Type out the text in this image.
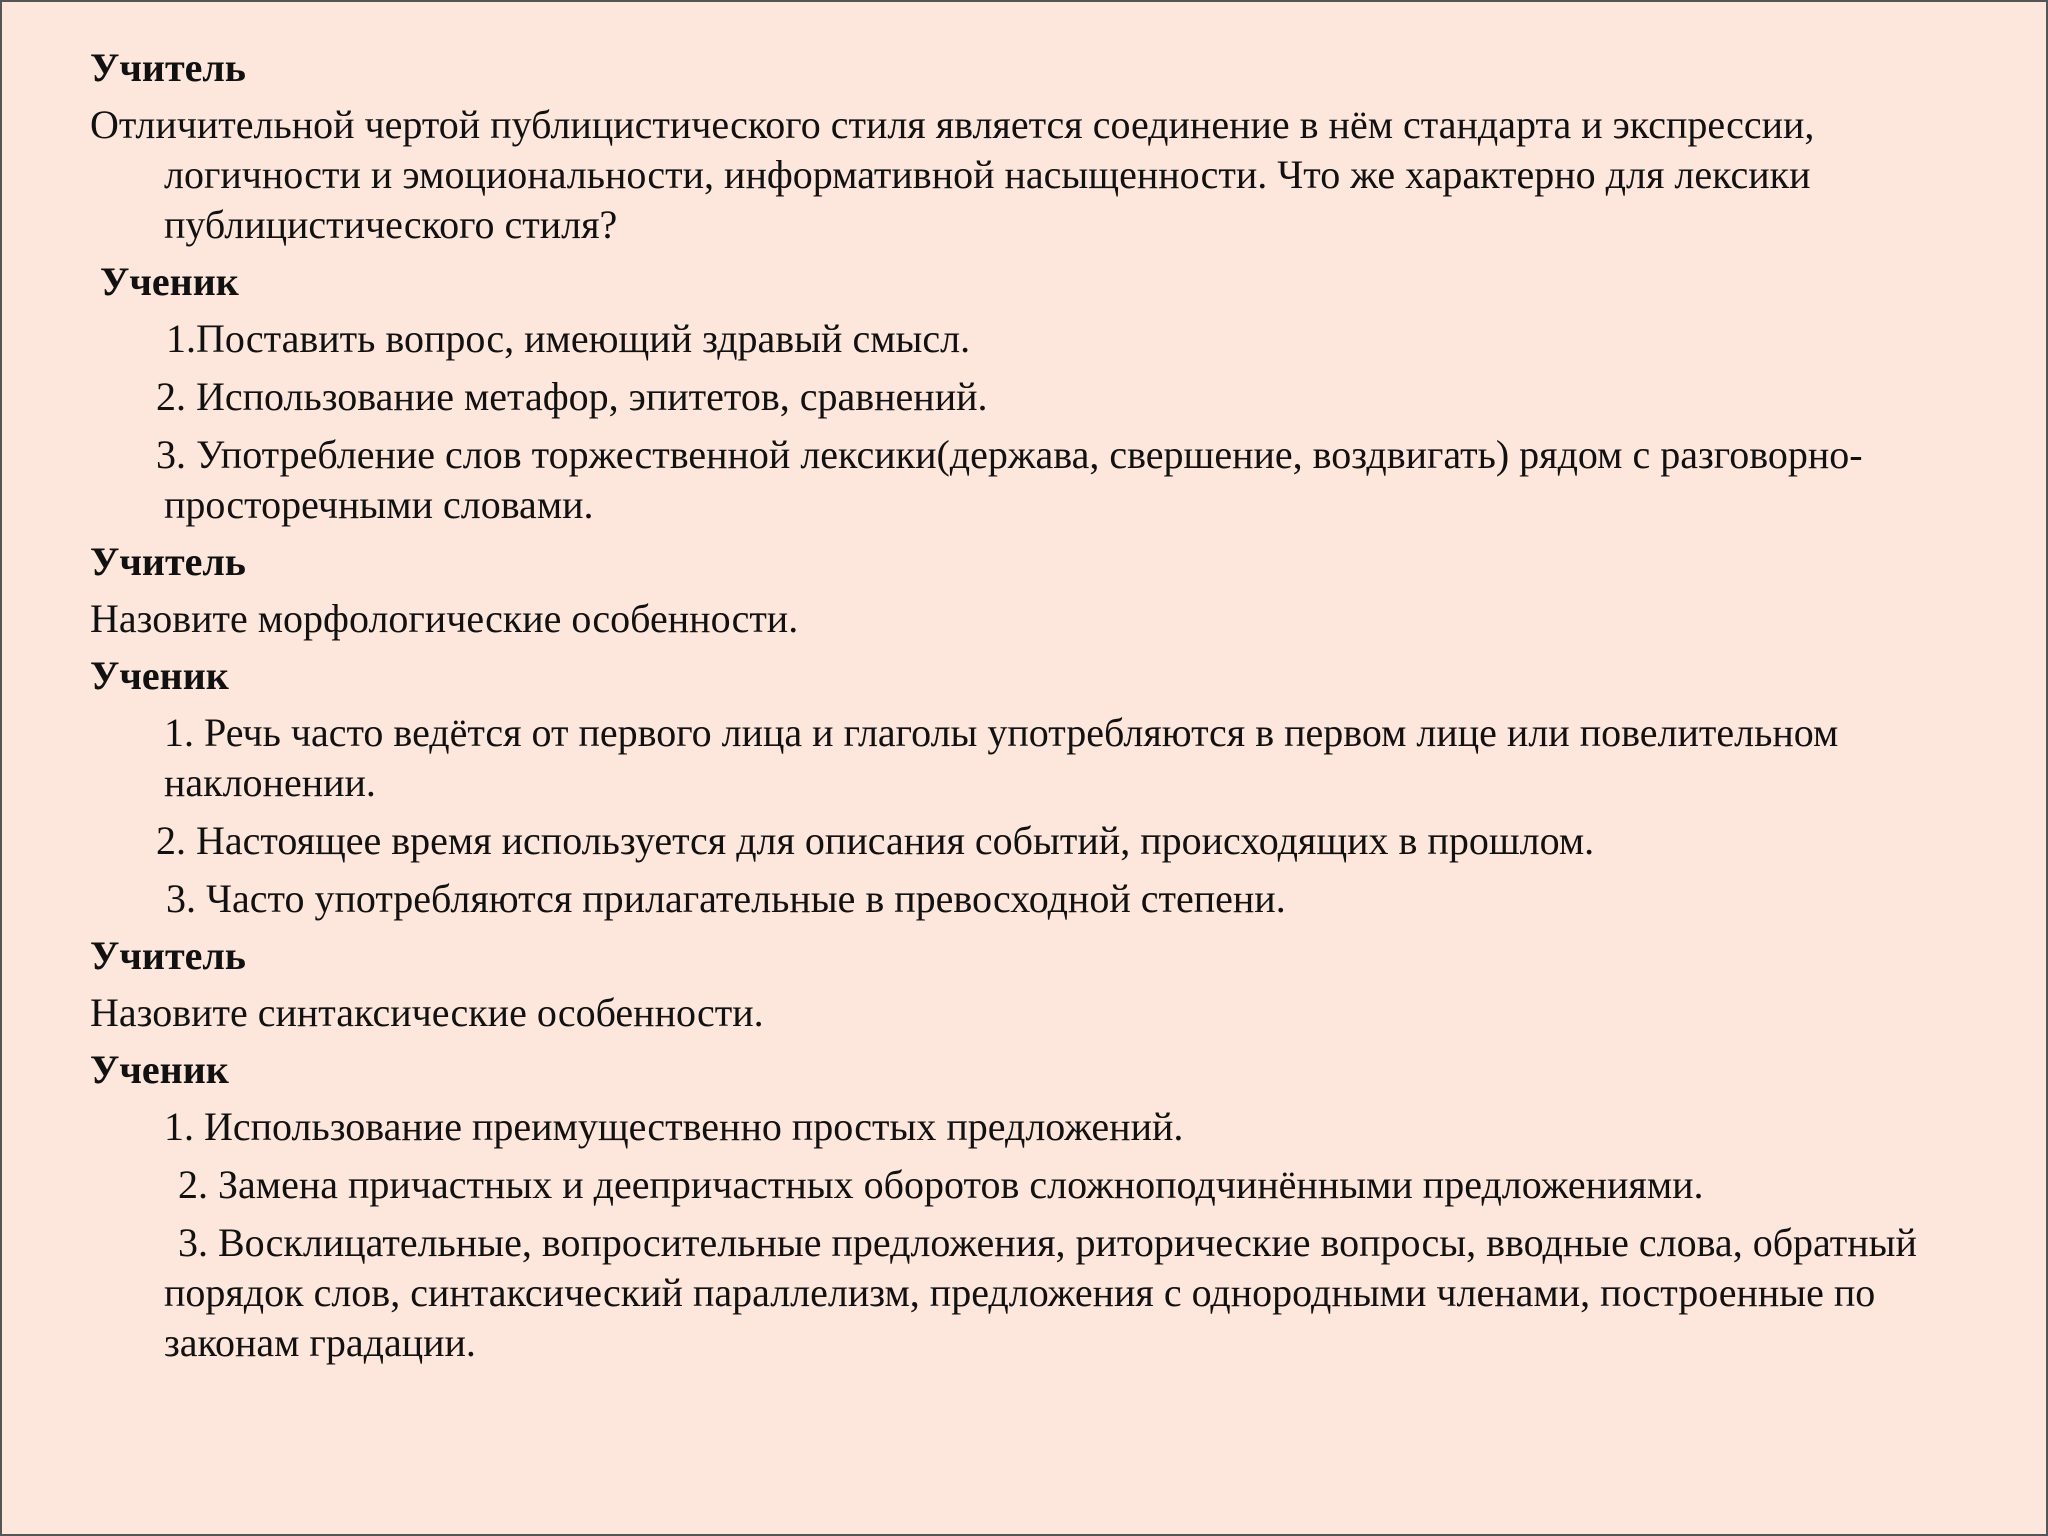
Учитель
Отличительной чертой публицистического стиля является соединение в нём стандарта и экспрессии, логичности и эмоциональности, информативной насыщенности. Что же характерно для лексики публицистического стиля?
Ученик
1.Поставить вопрос, имеющий здравый смысл.
2. Использование метафор, эпитетов, сравнений.
3. Употребление слов торжественной лексики(держава, свершение, воздвигать) рядом с разговорно-просторечными словами.
Учитель
Назовите морфологические особенности.
Ученик
1. Речь часто ведётся от первого лица и глаголы употребляются в первом лице или повелительном наклонении.
2. Настоящее время используется для описания событий, происходящих в прошлом.
3. Часто употребляются прилагательные в превосходной степени.
Учитель
Назовите синтаксические особенности.
Ученик
1. Использование преимущественно простых предложений.
2. Замена причастных и деепричастных оборотов сложноподчинёнными предложениями.
3. Восклицательные, вопросительные предложения, риторические вопросы, вводные слова, обратный порядок слов, синтаксический параллелизм, предложения с однородными членами, построенные по законам градации.
